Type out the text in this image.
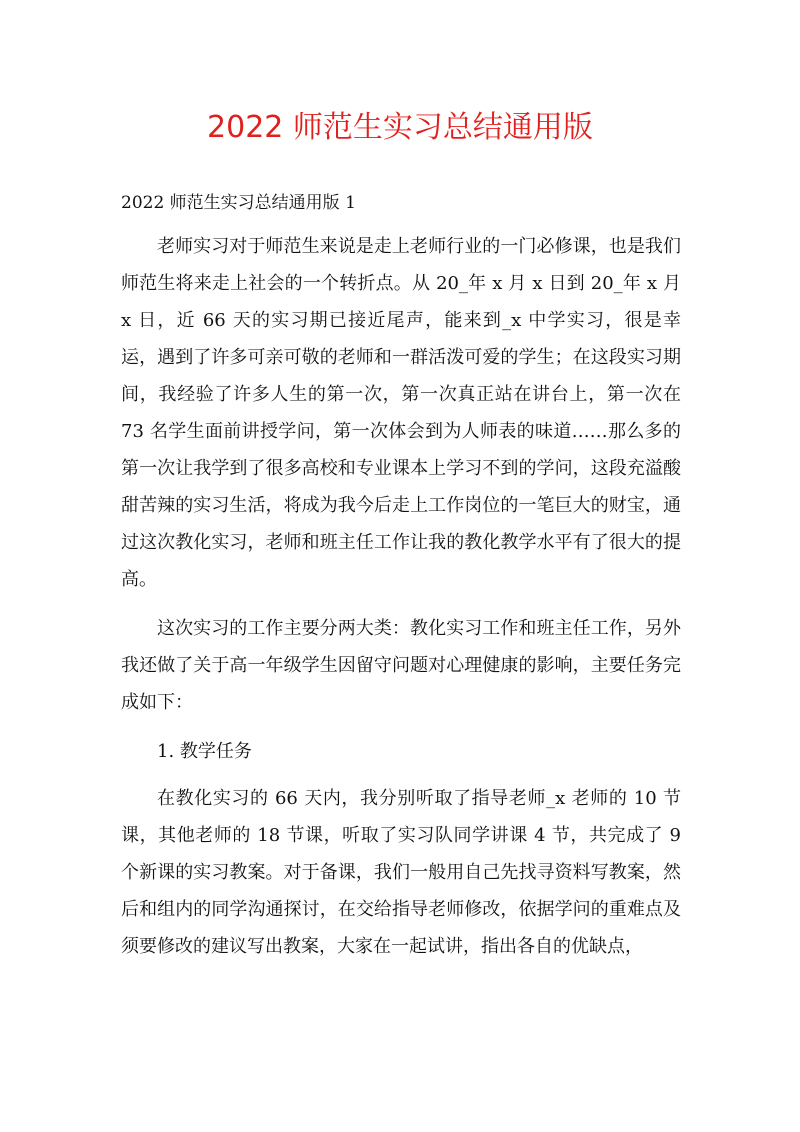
2022 师范生实习总结通用版

2022 师范生实习总结通用版 1

老师实习对于师范生来说是走上老师行业的一门必修课，也是我们师范生将来走上社会的一个转折点。从 20_年 x 月 x 日到 20_年 x 月 x 日，近 66 天的实习期已接近尾声，能来到_x 中学实习，很是幸运，遇到了许多可亲可敬的老师和一群活泼可爱的学生；在这段实习期间，我经验了许多人生的第一次，第一次真正站在讲台上，第一次在 73 名学生面前讲授学问，第一次体会到为人师表的味道……那么多的第一次让我学到了很多高校和专业课本上学习不到的学问，这段充溢酸甜苦辣的实习生活，将成为我今后走上工作岗位的一笔巨大的财宝，通过这次教化实习，老师和班主任工作让我的教化教学水平有了很大的提高。

这次实习的工作主要分两大类：教化实习工作和班主任工作，另外我还做了关于高一年级学生因留守问题对心理健康的影响，主要任务完成如下：

1. 教学任务

在教化实习的 66 天内，我分别听取了指导老师_x 老师的 10 节课，其他老师的 18 节课，听取了实习队同学讲课 4 节，共完成了 9 个新课的实习教案。对于备课，我们一般用自己先找寻资料写教案，然后和组内的同学沟通探讨，在交给指导老师修改，依据学问的重难点及须要修改的建议写出教案，大家在一起试讲，指出各自的优缺点，
